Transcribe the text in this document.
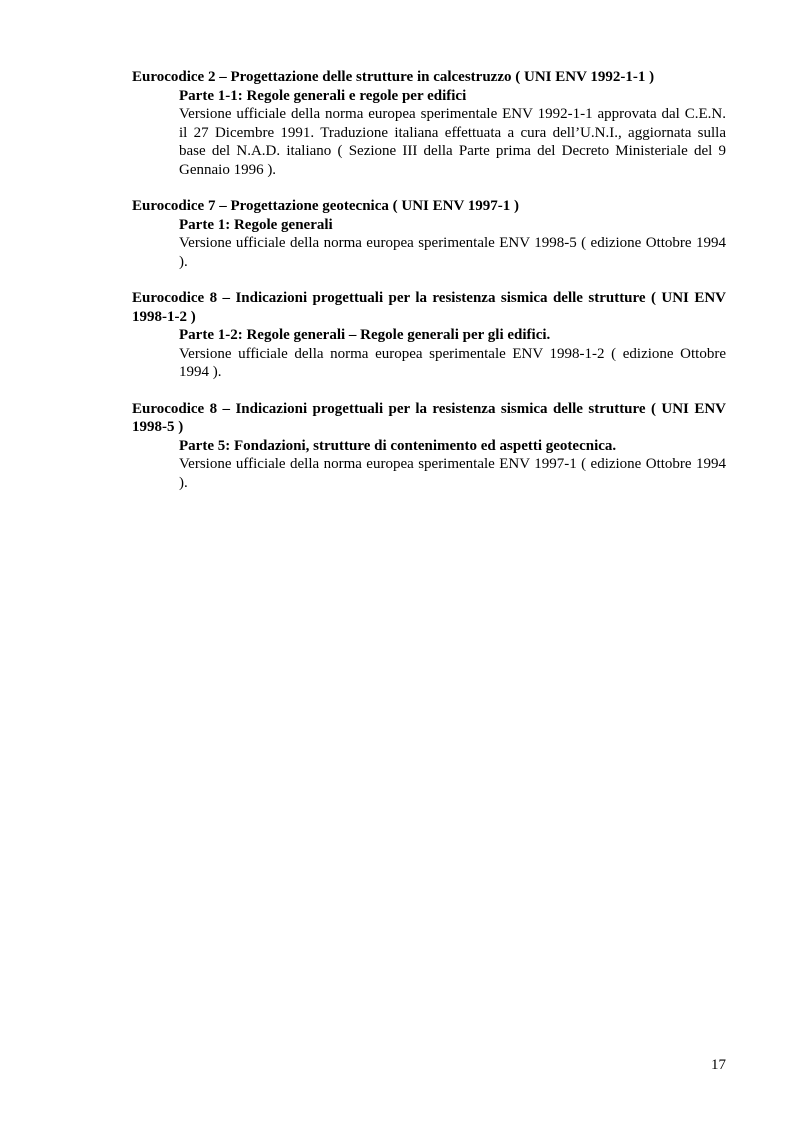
Eurocodice 2 – Progettazione delle strutture in calcestruzzo ( UNI ENV 1992-1-1 )

Parte 1-1: Regole generali e regole per edifici

Versione ufficiale della norma europea sperimentale ENV 1992-1-1 approvata dal C.E.N. il 27 Dicembre 1991. Traduzione italiana effettuata a cura dell’U.N.I., aggiornata sulla base del N.A.D. italiano ( Sezione III della Parte prima del Decreto Ministeriale del 9 Gennaio 1996 ).

Eurocodice 7 – Progettazione geotecnica ( UNI ENV 1997-1 )

Parte 1: Regole generali

Versione ufficiale della norma europea sperimentale ENV 1998-5 ( edizione Ottobre 1994 ).

Eurocodice 8 – Indicazioni progettuali per la resistenza sismica delle strutture ( UNI ENV 1998-1-2 )

Parte 1-2: Regole generali – Regole generali per gli edifici.

Versione ufficiale della norma europea sperimentale ENV 1998-1-2 ( edizione Ottobre 1994 ).

Eurocodice 8 – Indicazioni progettuali per la resistenza sismica delle strutture ( UNI ENV 1998-5 )

Parte 5: Fondazioni, strutture di contenimento ed aspetti geotecnica.

Versione ufficiale della norma europea sperimentale ENV 1997-1 ( edizione Ottobre 1994 ).

17
